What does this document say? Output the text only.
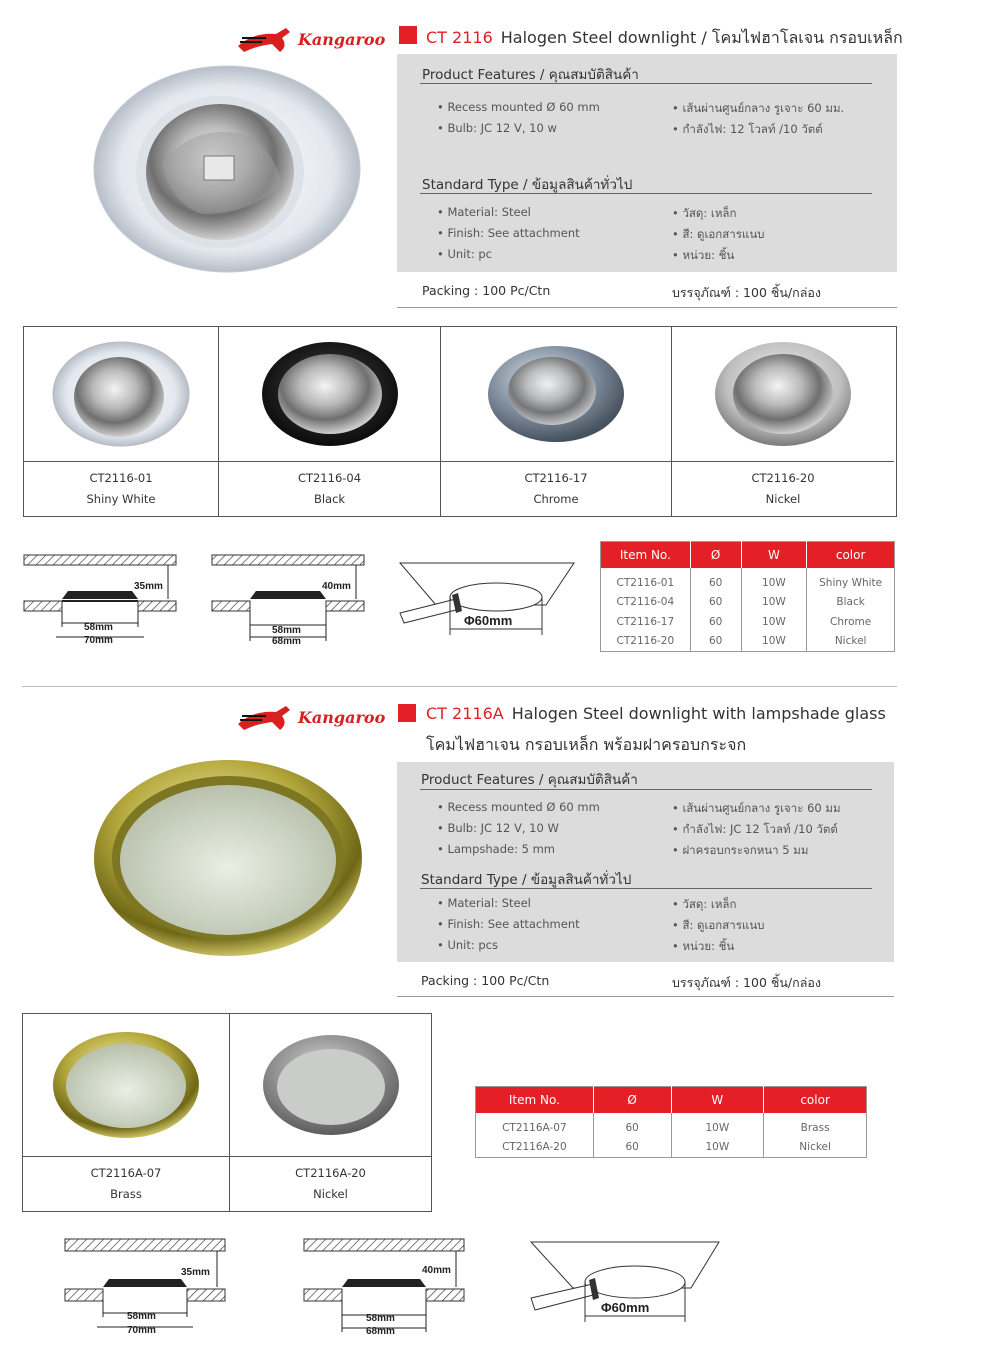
Kangaroo	CT 2116 Halogen Steel downlight / โคมไฟฮาโลเจน กรอบเหล็ก
Product Features / คุณสมบัติสินค้า
• Recess mounted Ø 60 mm
• Bulb: JC 12 V, 10 w
• เส้นผ่านศูนย์กลาง รูเจาะ 60 มม.
• กำลังไฟ: 12 โวลท์ /10 วัตต์
Standard Type / ข้อมูลสินค้าทั่วไป
• Material: Steel
• Finish: See attachment
• Unit: pc
• วัสดุ: เหล็ก
• สี: ดูเอกสารแนบ
• หน่วย: ชิ้น
Packing : 100 Pc/Ctn	บรรจุภัณฑ์ : 100 ชิ้น/กล่อง
CT2116-01
Shiny White
CT2116-04
Black
CT2116-17
Chrome
CT2116-20
Nickel
35mm
58mm
70mm
40mm
58mm
68mm
Φ60mm
Item No.	Ø	W	color
CT2116-01	60	10W	Shiny White
CT2116-04	60	10W	Black
CT2116-17	60	10W	Chrome
CT2116-20	60	10W	Nickel
Kangaroo	CT 2116A Halogen Steel downlight with lampshade glass
โคมไฟฮาเจน กรอบเหล็ก พร้อมฝาครอบกระจก
Product Features / คุณสมบัติสินค้า
• Recess mounted Ø 60 mm
• Bulb: JC 12 V, 10 W
• Lampshade: 5 mm
• เส้นผ่านศูนย์กลาง รูเจาะ 60 มม
• กำลังไฟ: JC 12 โวลท์ /10 วัตต์
• ฝาครอบกระจกหนา 5 มม
Standard Type / ข้อมูลสินค้าทั่วไป
• Material: Steel
• Finish: See attachment
• Unit: pcs
• วัสดุ: เหล็ก
• สี: ดูเอกสารแนบ
• หน่วย: ชิ้น
Packing : 100 Pc/Ctn	บรรจุภัณฑ์ : 100 ชิ้น/กล่อง
CT2116A-07
Brass
CT2116A-20
Nickel
Item No.	Ø	W	color
CT2116A-07	60	10W	Brass
CT2116A-20	60	10W	Nickel
35mm
58mm
70mm
40mm
58mm
68mm
Φ60mm
